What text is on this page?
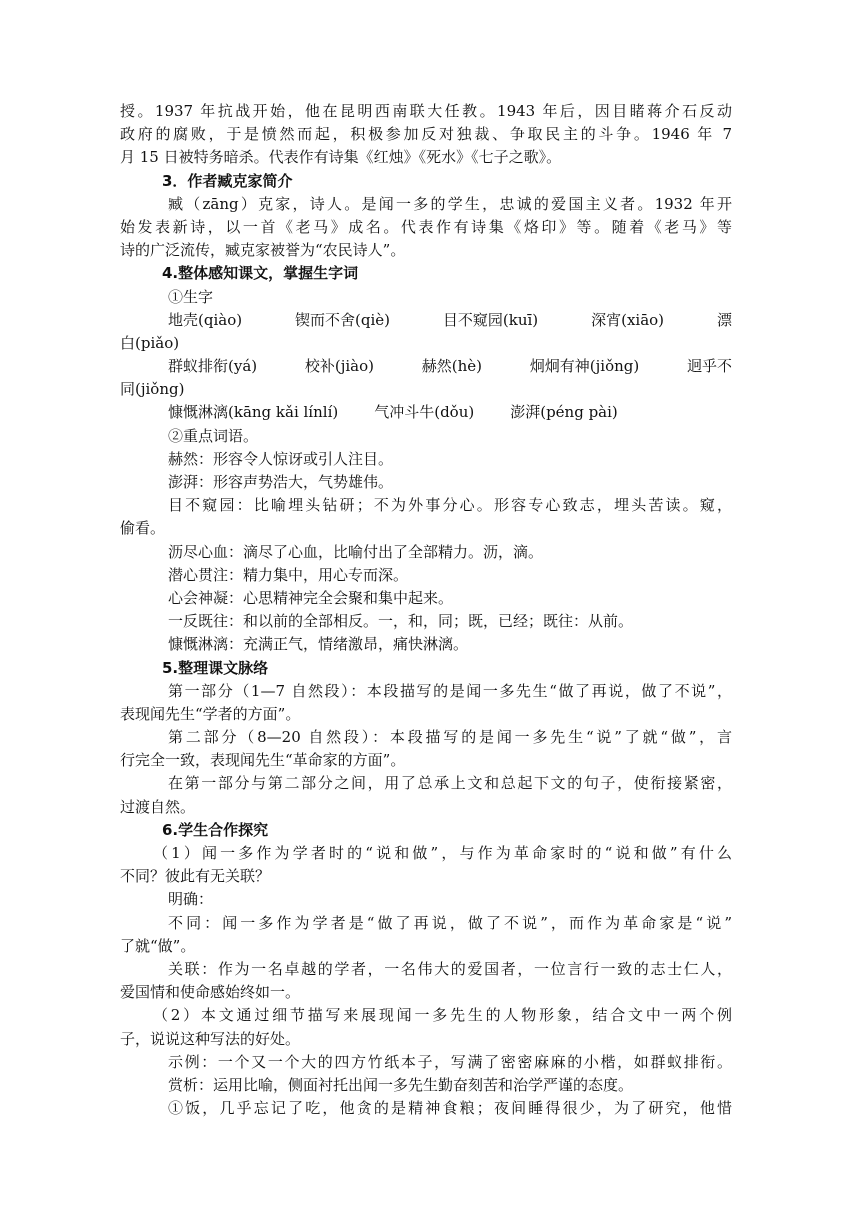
授。1937 年抗战开始，他在昆明西南联大任教。1943 年后，因目睹蒋介石反动
政府的腐败，于是愤然而起，积极参加反对独裁、争取民主的斗争。1946 年 7
月 15 日被特务暗杀。代表作有诗集《红烛》《死水》《七子之歌》。
3．作者臧克家简介
臧（zāng）克家，诗人。是闻一多的学生，忠诚的爱国主义者。1932 年开
始发表新诗，以一首《老马》成名。代表作有诗集《烙印》等。随着《老马》等
诗的广泛流传，臧克家被誉为“农民诗人”。
4.整体感知课文，掌握生字词
①生字
地壳(qiào)	锲而不舍(qiè)	目不窥园(kuī)	深宵(xiāo)	漂
白(piǎo)
群蚁排衔(yá)	校补(jiào)	赫然(hè)	炯炯有神(jiǒng)	迥乎不
同(jiǒng)
慷慨淋漓(kāng kǎi línlí) 气冲斗牛(dǒu) 澎湃(péng pài)
②重点词语。
赫然：形容令人惊讶或引人注目。
澎湃：形容声势浩大，气势雄伟。
目不窥园：比喻埋头钻研；不为外事分心。形容专心致志，埋头苦读。窥，
偷看。
沥尽心血：滴尽了心血，比喻付出了全部精力。沥，滴。
潜心贯注：精力集中，用心专而深。
心会神凝：心思精神完全会聚和集中起来。
一反既往：和以前的全部相反。一，和，同；既，已经；既往：从前。
慷慨淋漓：充满正气，情绪激昂，痛快淋漓。
5.整理课文脉络
第一部分（1—7 自然段）：本段描写的是闻一多先生“做了再说，做了不说”，
表现闻先生“学者的方面”。
第二部分（8—20 自然段）：本段描写的是闻一多先生“说”了就“做”，言
行完全一致，表现闻先生“革命家的方面”。
在第一部分与第二部分之间，用了总承上文和总起下文的句子，使衔接紧密，
过渡自然。
6.学生合作探究
（1）闻一多作为学者时的“说和做”，与作为革命家时的“说和做”有什么
不同？彼此有无关联？
明确：
不同：闻一多作为学者是“做了再说，做了不说”，而作为革命家是“说”
了就“做”。
关联：作为一名卓越的学者，一名伟大的爱国者，一位言行一致的志士仁人，
爱国情和使命感始终如一。
（2）本文通过细节描写来展现闻一多先生的人物形象，结合文中一两个例
子，说说这种写法的好处。
示例：一个又一个大的四方竹纸本子，写满了密密麻麻的小楷，如群蚁排衔。
赏析：运用比喻，侧面衬托出闻一多先生勤奋刻苦和治学严谨的态度。
①饭，几乎忘记了吃，他贪的是精神食粮；夜间睡得很少，为了研究，他惜
